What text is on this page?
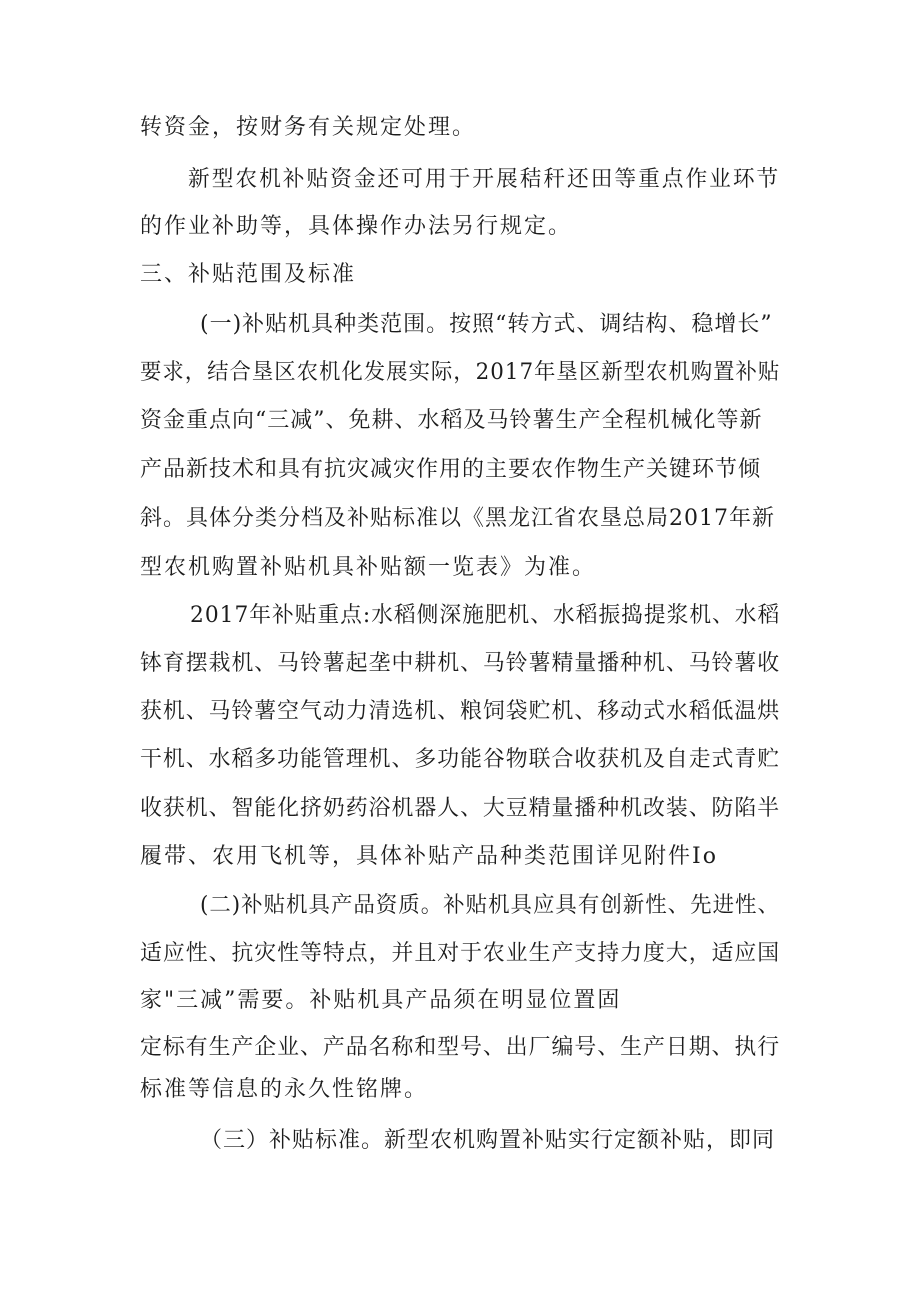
转资金，按财务有关规定处理。
新型农机补贴资金还可用于开展秸秆还田等重点作业环节
的作业补助等，具体操作办法另行规定。
三、补贴范围及标准
(一)补贴机具种类范围。按照“转方式、调结构、稳增长”
要求，结合垦区农机化发展实际，2017年垦区新型农机购置补贴
资金重点向“三减”、免耕、水稻及马铃薯生产全程机械化等新
产品新技术和具有抗灾减灾作用的主要农作物生产关键环节倾
斜。具体分类分档及补贴标准以《黑龙江省农垦总局2017年新
型农机购置补贴机具补贴额一览表》为准。
2017年补贴重点:水稻侧深施肥机、水稻振捣提浆机、水稻
钵育摆栽机、马铃薯起垄中耕机、马铃薯精量播种机、马铃薯收
获机、马铃薯空气动力清选机、粮饲袋贮机、移动式水稻低温烘
干机、水稻多功能管理机、多功能谷物联合收获机及自走式青贮
收获机、智能化挤奶药浴机器人、大豆精量播种机改装、防陷半
履带、农用飞机等，具体补贴产品种类范围详见附件Io
(二)补贴机具产品资质。补贴机具应具有创新性、先进性、
适应性、抗灾性等特点，并且对于农业生产支持力度大，适应国
家"三减”需要。补贴机具产品须在明显位置固
定标有生产企业、产品名称和型号、出厂编号、生产日期、执行
标准等信息的永久性铭牌。
（三）补贴标准。新型农机购置补贴实行定额补贴，即同
